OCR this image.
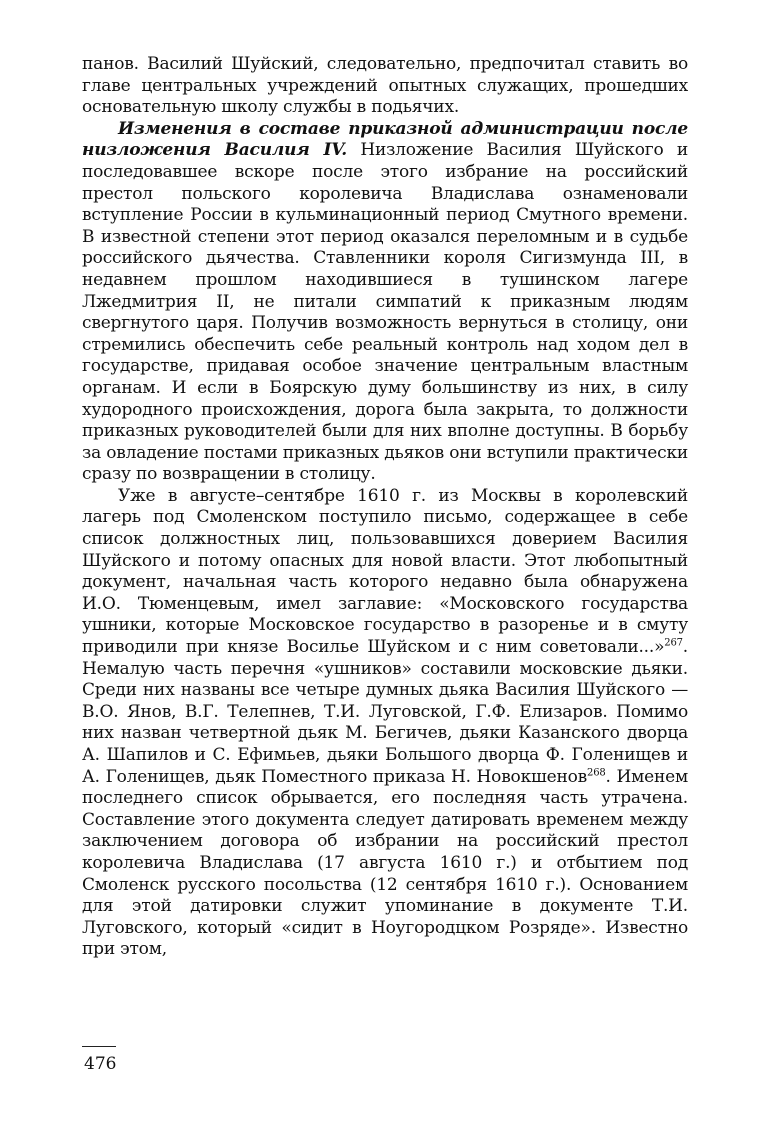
панов. Василий Шуйский, следовательно, предпочитал ставить во главе центральных учреждений опытных служащих, прошедших основательную школу службы в подьячих.

Изменения в составе приказной администрации после низложения Василия IV. Низложение Василия Шуйского и последовавшее вскоре после этого избрание на российский престол польского королевича Владислава ознаменовали вступление России в кульминационный период Смутного времени. В известной степени этот период оказался переломным и в судьбе российского дьячества. Ставленники короля Сигизмунда III, в недавнем прошлом находившиеся в тушинском лагере Лжедмитрия II, не питали симпатий к приказным людям свергнутого царя. Получив возможность вернуться в столицу, они стремились обеспечить себе реальный контроль над ходом дел в государстве, придавая особое значение центральным властным органам. И если в Боярскую думу большинству из них, в силу худородного происхождения, дорога была закрыта, то должности приказных руководителей были для них вполне доступны. В борьбу за овладение постами приказных дьяков они вступили практически сразу по возвращении в столицу.

Уже в августе–сентябре 1610 г. из Москвы в королевский лагерь под Смоленском поступило письмо, содержащее в себе список должностных лиц, пользовавшихся доверием Василия Шуйского и потому опасных для новой власти. Этот любопытный документ, начальная часть которого недавно была обнаружена И.О. Тюменцевым, имел заглавие: «Московского государства ушники, которые Московское государство в разоренье и в смуту приводили при князе Восилье Шуйском и с ним советовали...»$^{267}$. Немалую часть перечня «ушников» составили московские дьяки. Среди них названы все четыре думных дьяка Василия Шуйского — В.О. Янов, В.Г. Телепнев, Т.И. Луговской, Г.Ф. Елизаров. Помимо них назван четвертной дьяк М. Бегичев, дьяки Казанского дворца А. Шапилов и С. Ефимьев, дьяки Большого дворца Ф. Голенищев и А. Голенищев, дьяк Поместного приказа Н. Новокшенов$^{268}$. Именем последнего список обрывается, его последняя часть утрачена. Составление этого документа следует датировать временем между заключением договора об избрании на российский престол королевича Владислава (17 августа 1610 г.) и отбытием под Смоленск русского посольства (12 сентября 1610 г.). Основанием для этой датировки служит упоминание в документе Т.И. Луговского, который «сидит в Ноугородцком Розряде». Известно при этом,

476
